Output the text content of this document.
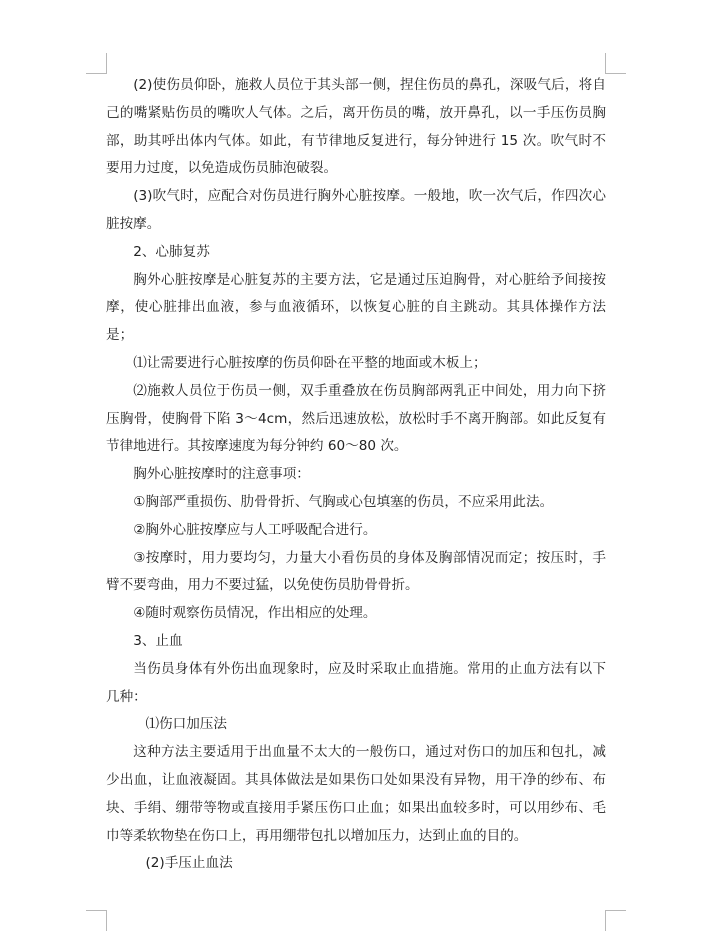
(2)使伤员仰卧，施救人员位于其头部一侧，捏住伤员的鼻孔，深吸气后，将自己的嘴紧贴伤员的嘴吹人气体。之后，离开伤员的嘴，放开鼻孔，以一手压伤员胸部，助其呼出体内气体。如此，有节律地反复进行，每分钟进行 15 次。吹气时不要用力过度，以免造成伤员肺泡破裂。

(3)吹气时，应配合对伤员进行胸外心脏按摩。一般地，吹一次气后，作四次心脏按摩。

2、心肺复苏

胸外心脏按摩是心脏复苏的主要方法，它是通过压迫胸骨，对心脏给予间接按摩，使心脏排出血液，参与血液循环，以恢复心脏的自主跳动。其具体操作方法是；

⑴让需要进行心脏按摩的伤员仰卧在平整的地面或木板上；

⑵施救人员位于伤员一侧，双手重叠放在伤员胸部两乳正中间处，用力向下挤压胸骨，使胸骨下陷 3～4cm，然后迅速放松，放松时手不离开胸部。如此反复有节律地进行。其按摩速度为每分钟约 60～80 次。

胸外心脏按摩时的注意事项：

①胸部严重损伤、肋骨骨折、气胸或心包填塞的伤员，不应采用此法。

②胸外心脏按摩应与人工呼吸配合进行。

③按摩时，用力要均匀，力量大小看伤员的身体及胸部情况而定；按压时，手臂不要弯曲，用力不要过猛，以免使伤员肋骨骨折。

④随时观察伤员情况，作出相应的处理。

3、止血

当伤员身体有外伤出血现象时，应及时采取止血措施。常用的止血方法有以下几种：

⑴伤口加压法

这种方法主要适用于出血量不太大的一般伤口，通过对伤口的加压和包扎，减少出血，让血液凝固。其具体做法是如果伤口处如果没有异物，用干净的纱布、布块、手绢、绷带等物或直接用手紧压伤口止血；如果出血较多时，可以用纱布、毛巾等柔软物垫在伤口上，再用绷带包扎以增加压力，达到止血的目的。

(2)手压止血法
